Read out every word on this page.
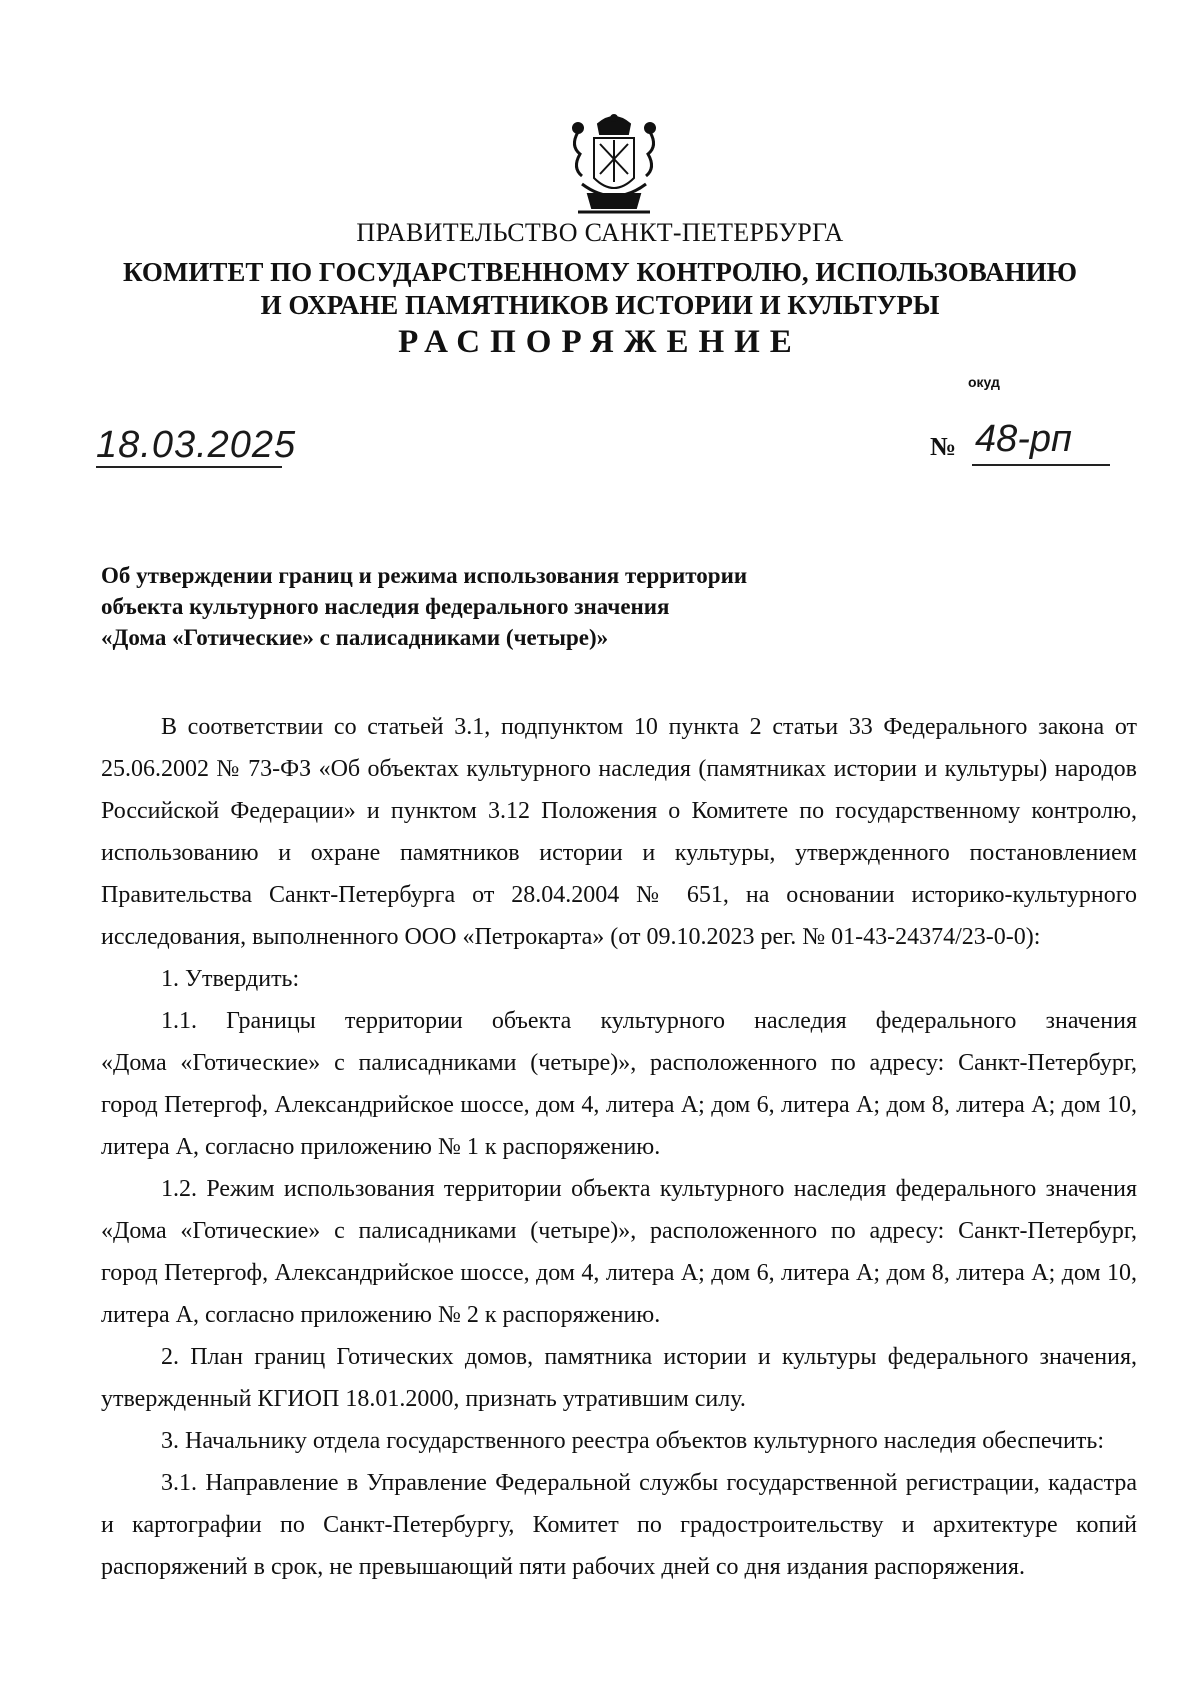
ПРАВИТЕЛЬСТВО САНКТ-ПЕТЕРБУРГА
КОМИТЕТ ПО ГОСУДАРСТВЕННОМУ КОНТРОЛЮ, ИСПОЛЬЗОВАНИЮ
И ОХРАНЕ ПАМЯТНИКОВ ИСТОРИИ И КУЛЬТУРЫ
РАСПОРЯЖЕНИЕ
окуд
18.03.2025	№ 48-рп
Об утверждении границ и режима использования территории
объекта культурного наследия федерального значения
«Дома «Готические» с палисадниками (четыре)»
В соответствии со статьей 3.1, подпунктом 10 пункта 2 статьи 33 Федерального закона от
25.06.2002 № 73-ФЗ «Об объектах культурного наследия (памятниках истории и культуры) народов
Российской Федерации» и пунктом 3.12 Положения о Комитете по государственному контролю,
использованию и охране памятников истории и культуры, утвержденного постановлением
Правительства Санкт-Петербурга от 28.04.2004 № 651, на основании историко-культурного
исследования, выполненного ООО «Петрокарта» (от 09.10.2023 рег. № 01-43-24374/23-0-0):
1. Утвердить:
1.1. Границы территории объекта культурного наследия федерального значения
«Дома «Готические» с палисадниками (четыре)», расположенного по адресу: Санкт-Петербург,
город Петергоф, Александрийское шоссе, дом 4, литера А; дом 6, литера А; дом 8, литера А; дом 10,
литера А, согласно приложению № 1 к распоряжению.
1.2. Режим использования территории объекта культурного наследия федерального значения
«Дома «Готические» с палисадниками (четыре)», расположенного по адресу: Санкт-Петербург,
город Петергоф, Александрийское шоссе, дом 4, литера А; дом 6, литера А; дом 8, литера А; дом 10,
литера А, согласно приложению № 2 к распоряжению.
2. План границ Готических домов, памятника истории и культуры федерального значения,
утвержденный КГИОП 18.01.2000, признать утратившим силу.
3. Начальнику отдела государственного реестра объектов культурного наследия обеспечить:
3.1. Направление в Управление Федеральной службы государственной регистрации, кадастра
и картографии по Санкт-Петербургу, Комитет по градостроительству и архитектуре копий
распоряжений в срок, не превышающий пяти рабочих дней со дня издания распоряжения.
